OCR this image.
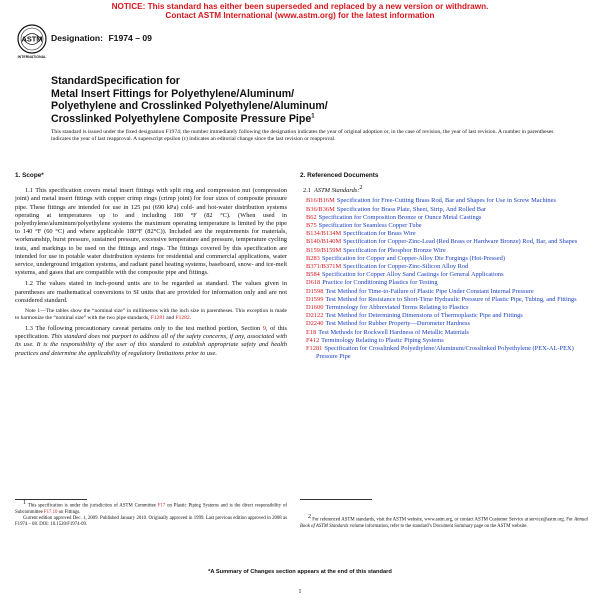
NOTICE: This standard has either been superseded and replaced by a new version or withdrawn.
Contact ASTM International (www.astm.org) for the latest information
ASTM
INTERNATIONAL
Designation: F1974 – 09
StandardSpecification for
Metal Insert Fittings for Polyethylene/Aluminum/
Polyethylene and Crosslinked Polyethylene/Aluminum/
Crosslinked Polyethylene Composite Pressure Pipe$^1$
This standard is issued under the fixed designation F1974; the number immediately following the designation indicates the year of original adoption or, in the case of revision, the year of last revision. A number in parentheses indicates the year of last reapproval. A superscript epsilon (ε) indicates an editorial change since the last revision or reapproval.
1. Scope*

1.1 This specification covers metal insert fittings with split ring and compression nut (compression joint) and metal insert fittings with copper crimp rings (crimp joint) for four sizes of composite pressure pipe. These fittings are intended for use in 125 psi (690 kPa) cold- and hot-water distribution systems operating at temperatures up to and including 180 °F (82 °C). (When used in polyethylene/aluminum/polyethylene systems the maximum operating temperature is limited by the pipe to 140 °F (60 °C) and where applicable 180°F (82°C)). Included are the requirements for materials, workmanship, burst pressure, sustained pressure, excessive temperature and pressure, temperature cycling tests, and markings to be used on the fittings and rings. The fittings covered by this specification are intended for use in potable water distribution systems for residential and commercial applications, water service, underground irrigation systems, and radiant panel heating systems, baseboard, snow- and ice-melt systems, and gases that are compatible with the composite pipe and fittings.

1.2 The values stated in inch-pound units are to be regarded as standard. The values given in parentheses are mathematical conversions to SI units that are provided for information only and are not considered standard.

Note 1—The tables show the “nominal size” in millimetres with the inch size in parentheses. This exception is made to harmonize the “nominal size” with the two pipe standards, F1281 and F1282.

1.3 The following precautionary caveat pertains only to the test method portion, Section 9, of this specification. This standard does not purport to address all of the safety concerns, if any, associated with its use. It is the responsibility of the user of this standard to establish appropriate safety and health practices and determine the applicability of regulatory limitations prior to use.

2. Referenced Documents
2.1 ASTM Standards:2
B16/B16M Specification for Free-Cutting Brass Rod, Bar and Shapes for Use in Screw Machines
B36/B36M Specification for Brass Plate, Sheet, Strip, And Rolled Bar
B62 Specification for Composition Bronze or Ounce Metal Castings
B75 Specification for Seamless Copper Tube
B134/B134M Specification for Brass Wire
B140/B140M Specification for Copper-Zinc-Lead (Red Brass or Hardware Bronze) Rod, Bar, and Shapes
B159/B159M Specification for Phosphor Bronze Wire
B283 Specification for Copper and Copper-Alloy Die Forgings (Hot-Pressed)
B371/B371M Specification for Copper-Zinc-Silicon Alloy Rod
B584 Specification for Copper Alloy Sand Castings for General Applications
D618 Practice for Conditioning Plastics for Testing
D1598 Test Method for Time-to-Failure of Plastic Pipe Under Constant Internal Pressure
D1599 Test Method for Resistance to Short-Time Hydraulic Pressure of Plastic Pipe, Tubing, and Fittings
D1600 Terminology for Abbreviated Terms Relating to Plastics
D2122 Test Method for Determining Dimensions of Thermoplastic Pipe and Fittings
D2240 Test Method for Rubber Property—Durometer Hardness
E18 Test Methods for Rockwell Hardness of Metallic Materials
F412 Terminology Relating to Plastic Piping Systems
F1281 Specification for Crosslinked Polyethylene/Aluminum/Crosslinked Polyethylene (PEX-AL-PEX) Pressure Pipe
1 This specification is under the jurisdiction of ASTM Committee F17 on Plastic Piping Systems and is the direct responsibility of Subcommittee F17.10 on Fittings.
Current edition approved Dec. 1, 2009. Published January 2010. Originally approved in 1999. Last previous edition approved in 2008 as F1974 – 08. DOI: 10.1520/F1974-09.
2 For referenced ASTM standards, visit the ASTM website, www.astm.org, or contact ASTM Customer Service at service@astm.org. For Annual Book of ASTM Standards volume information, refer to the standard’s Document Summary page on the ASTM website.
*A Summary of Changes section appears at the end of this standard
1
